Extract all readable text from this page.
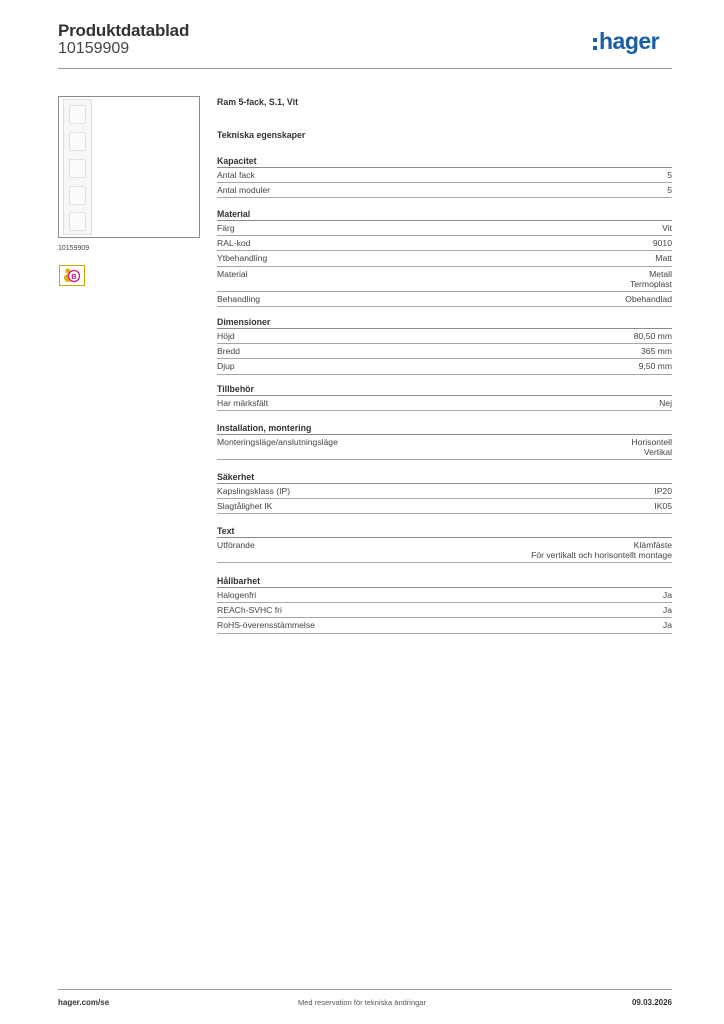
Produktdatablad
10159909	hager
10159909
B
Ram 5-fack, S.1, Vit
Tekniska egenskaper
Kapacitet
Antal fack	5
Antal moduler	5
Material
Färg	Vit
RAL-kod	9010
Ytbehandling	Matt
Material	Metall
Termoplast
Behandling	Obehandlad
Dimensioner
Höjd	80,50 mm
Bredd	365 mm
Djup	9,50 mm
Tillbehör
Har märksfält	Nej
Installation, montering
Monteringsläge/anslutningsläge	Horisontell
Vertikal
Säkerhet
Kapslingsklass (IP)	IP20
Slagtålighet IK	IK05
Text
Utförande	Klämfäste
För vertikalt och horisontellt montage
Hållbarhet
Halogenfri	Ja
REACh-SVHC fri	Ja
RoHS-överensstämmelse	Ja
hager.com/se	Med reservation för tekniska ändringar	09.03.2026
